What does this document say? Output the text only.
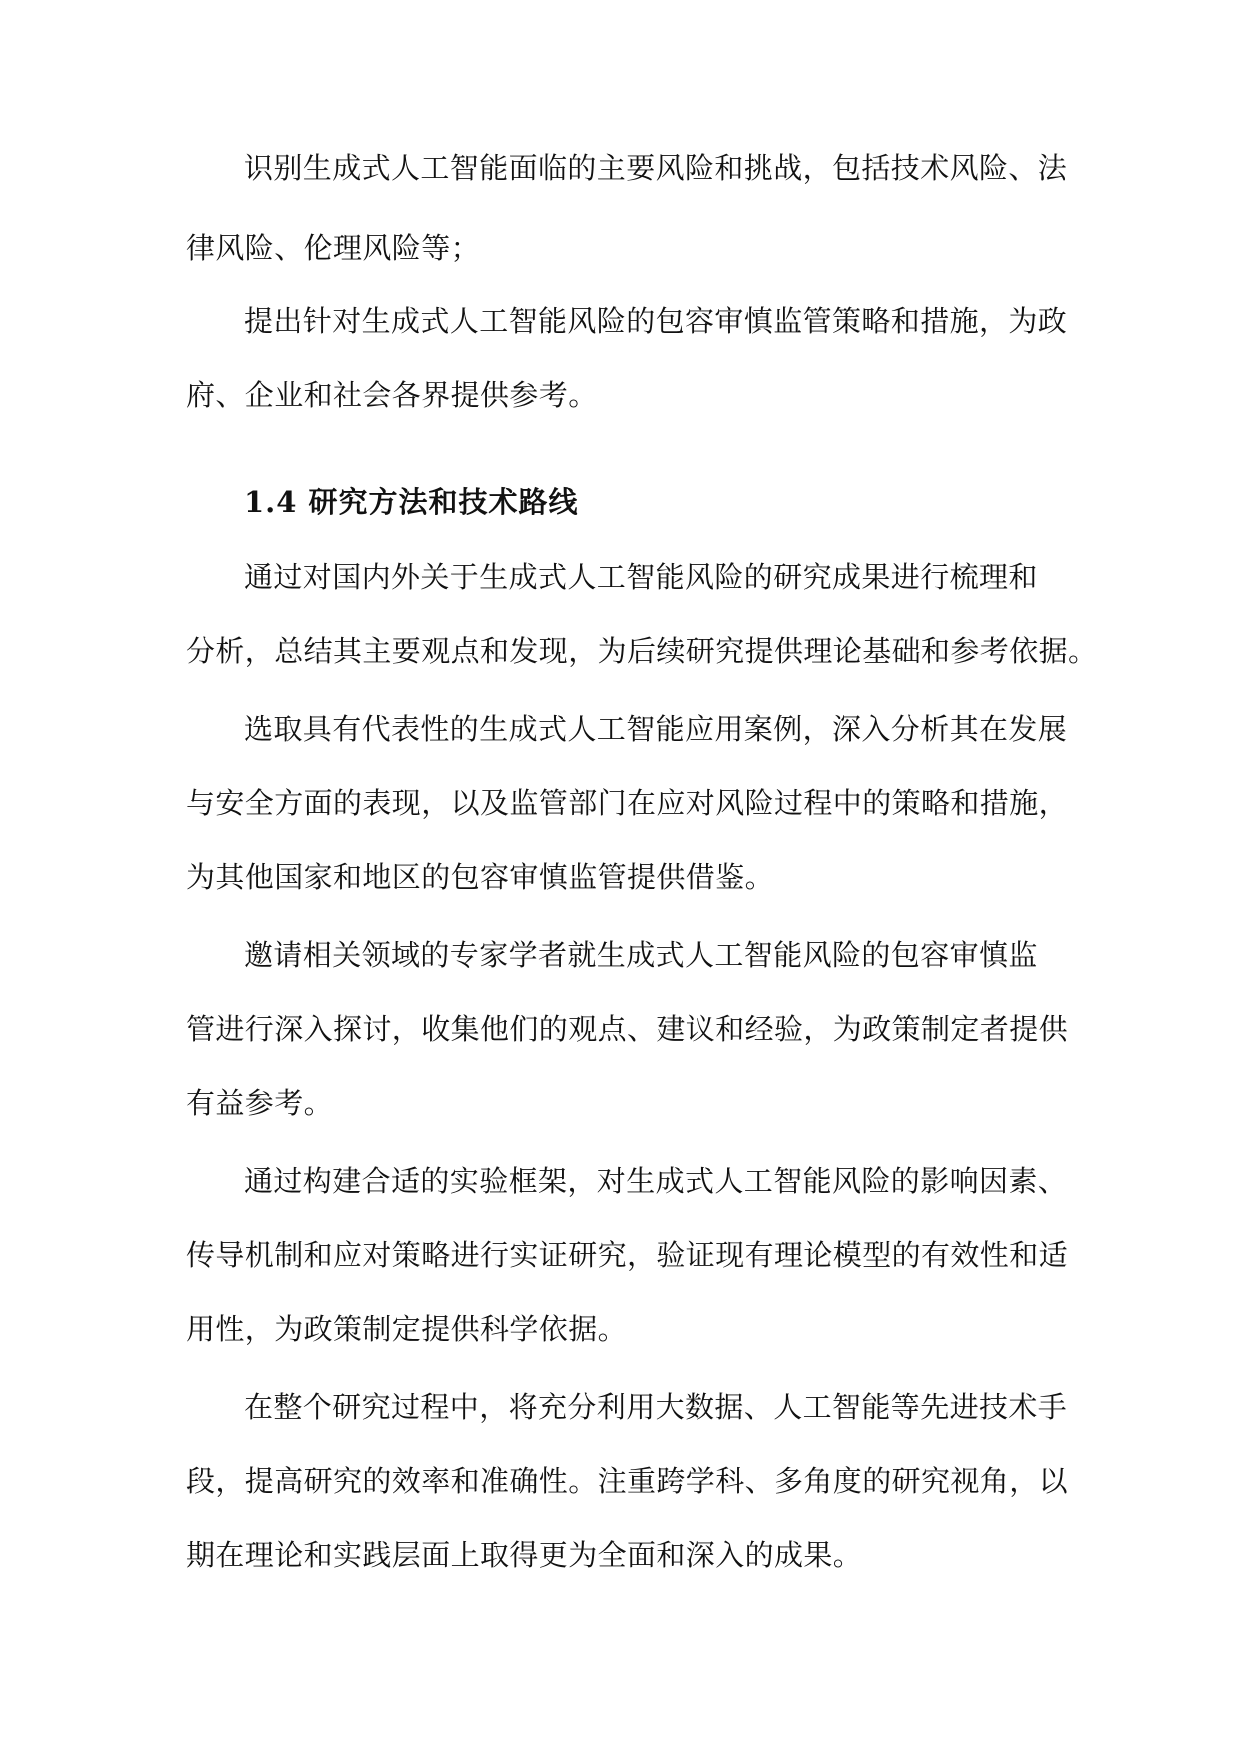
识别生成式人工智能面临的主要风险和挑战，包括技术风险、法
律风险、伦理风险等；
提出针对生成式人工智能风险的包容审慎监管策略和措施，为政
府、企业和社会各界提供参考。
1.4 研究方法和技术路线
通过对国内外关于生成式人工智能风险的研究成果进行梳理和
分析，总结其主要观点和发现，为后续研究提供理论基础和参考依据。
选取具有代表性的生成式人工智能应用案例，深入分析其在发展
与安全方面的表现，以及监管部门在应对风险过程中的策略和措施，
为其他国家和地区的包容审慎监管提供借鉴。
邀请相关领域的专家学者就生成式人工智能风险的包容审慎监
管进行深入探讨，收集他们的观点、建议和经验，为政策制定者提供
有益参考。
通过构建合适的实验框架，对生成式人工智能风险的影响因素、
传导机制和应对策略进行实证研究，验证现有理论模型的有效性和适
用性，为政策制定提供科学依据。
在整个研究过程中，将充分利用大数据、人工智能等先进技术手
段，提高研究的效率和准确性。注重跨学科、多角度的研究视角，以
期在理论和实践层面上取得更为全面和深入的成果。
